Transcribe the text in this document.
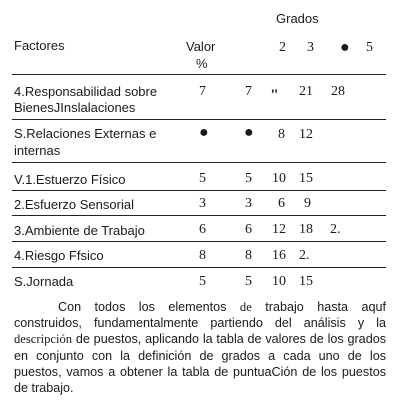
Grados
Factores	Valor
%
2 3 ● 5
4.Responsabilidad sobre
BienesJInslalaciones
7	7 " 21 28
S.Relaciones Externas e
internas
● ● 8 12
V.1.Estuerzo Físico	5	5 10 15
2.Esfuerzo Sensorial	3	3 6 9
3.Ambiente de Trabajo	6	6 12 18 2.
4.Riesgo Ffsico	8	8 16 2.
S.Jornada	5	5 10 15

Con todos los elementos de trabajo hasta aquf construidos, fundamentalmente partiendo del análisis y la descripción de puestos, aplicando la tabla de valores de los grados en conjunto con la definición de grados a cada uno de los puestos, vamos a obtener la tabla de puntuaCión de los puestos de trabajo.
